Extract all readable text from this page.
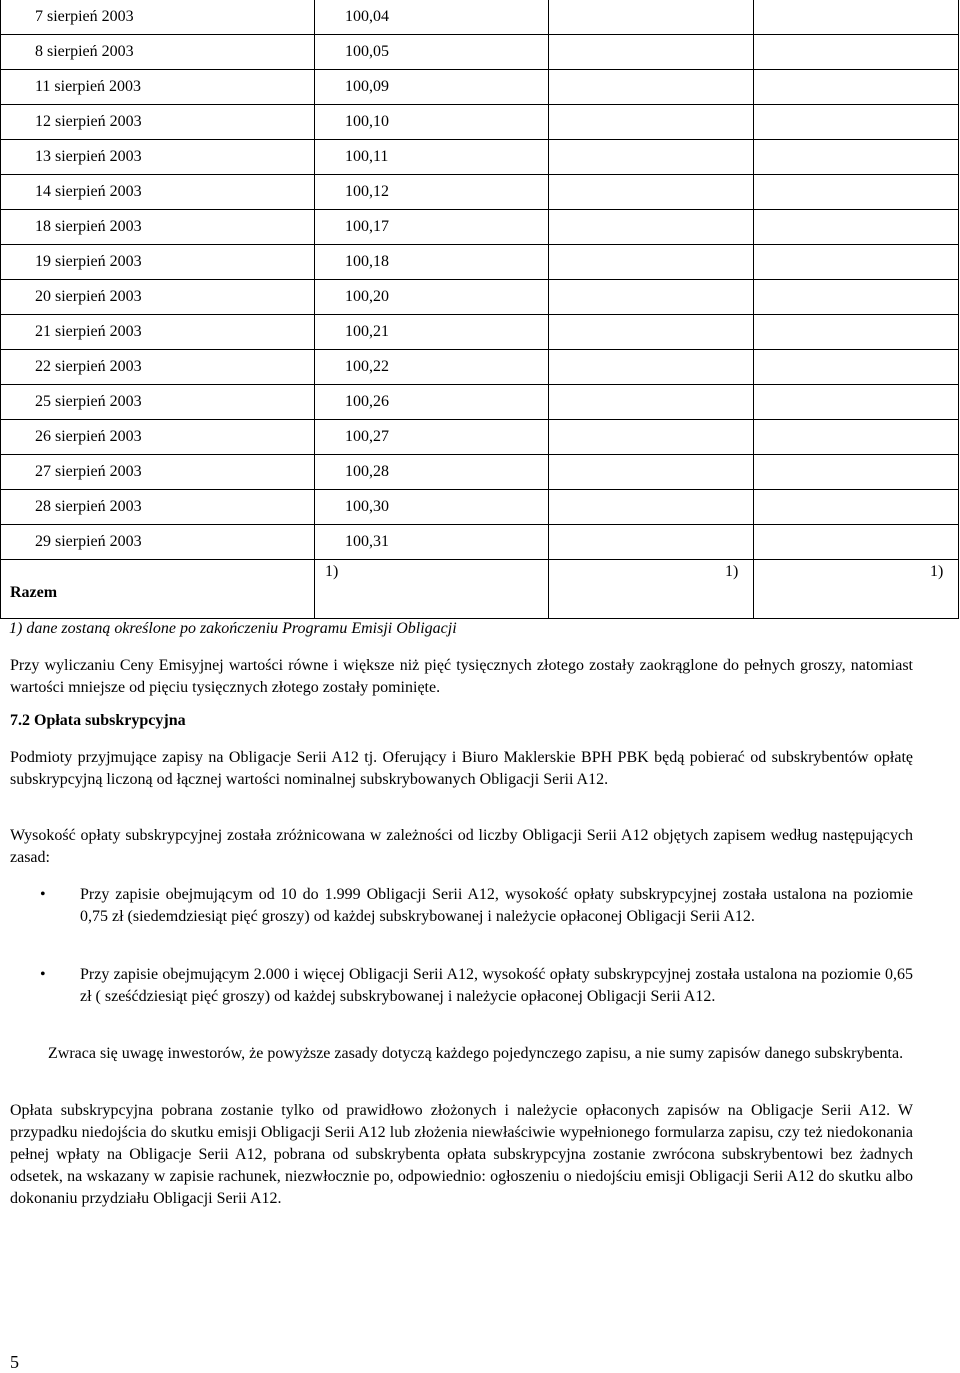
7 sierpień 2003	100,04		
8 sierpień 2003	100,05		
11 sierpień 2003	100,09		
12 sierpień 2003	100,10		
13 sierpień 2003	100,11		
14 sierpień 2003	100,12		
18 sierpień 2003	100,17		
19 sierpień 2003	100,18		
20 sierpień 2003	100,20		
21 sierpień 2003	100,21		
22 sierpień 2003	100,22		
25 sierpień 2003	100,26		
26 sierpień 2003	100,27		
27 sierpień 2003	100,28		
28 sierpień 2003	100,30		
29 sierpień 2003	100,31		

Razem	1)	1)	1)
1) dane zostaną określone po zakończeniu Programu Emisji Obligacji
Przy wyliczaniu Ceny Emisyjnej wartości równe i większe niż pięć tysięcznych złotego zostały zaokrąglone do pełnych groszy, natomiast wartości mniejsze od pięciu tysięcznych złotego zostały pominięte.
7.2 Opłata subskrypcyjna
Podmioty przyjmujące zapisy na Obligacje Serii A12 tj. Oferujący i Biuro Maklerskie BPH PBK będą pobierać od subskrybentów opłatę subskrypcyjną liczoną od łącznej wartości nominalnej subskrybowanych Obligacji Serii A12.
Wysokość opłaty subskrypcyjnej została zróżnicowana w zależności od liczby Obligacji Serii A12 objętych zapisem według następujących zasad:
• Przy zapisie obejmującym od 10 do 1.999 Obligacji Serii A12, wysokość opłaty subskrypcyjnej została ustalona na poziomie 0,75 zł (siedemdziesiąt pięć groszy) od każdej subskrybowanej i należycie opłaconej Obligacji Serii A12.
• Przy zapisie obejmującym 2.000 i więcej Obligacji Serii A12, wysokość opłaty subskrypcyjnej została ustalona na poziomie 0,65 zł ( sześćdziesiąt pięć groszy) od każdej subskrybowanej i należycie opłaconej Obligacji Serii A12.
Zwraca się uwagę inwestorów, że powyższe zasady dotyczą każdego pojedynczego zapisu, a nie sumy zapisów danego subskrybenta.
Opłata subskrypcyjna pobrana zostanie tylko od prawidłowo złożonych i należycie opłaconych zapisów na Obligacje Serii A12. W przypadku niedojścia do skutku emisji Obligacji Serii A12 lub złożenia niewłaściwie wypełnionego formularza zapisu, czy też niedokonania pełnej wpłaty na Obligacje Serii A12, pobrana od subskrybenta opłata subskrypcyjna zostanie zwrócona subskrybentowi bez żadnych odsetek, na wskazany w zapisie rachunek, niezwłocznie po, odpowiednio: ogłoszeniu o niedojściu emisji Obligacji Serii A12 do skutku albo dokonaniu przydziału Obligacji Serii A12.
5
